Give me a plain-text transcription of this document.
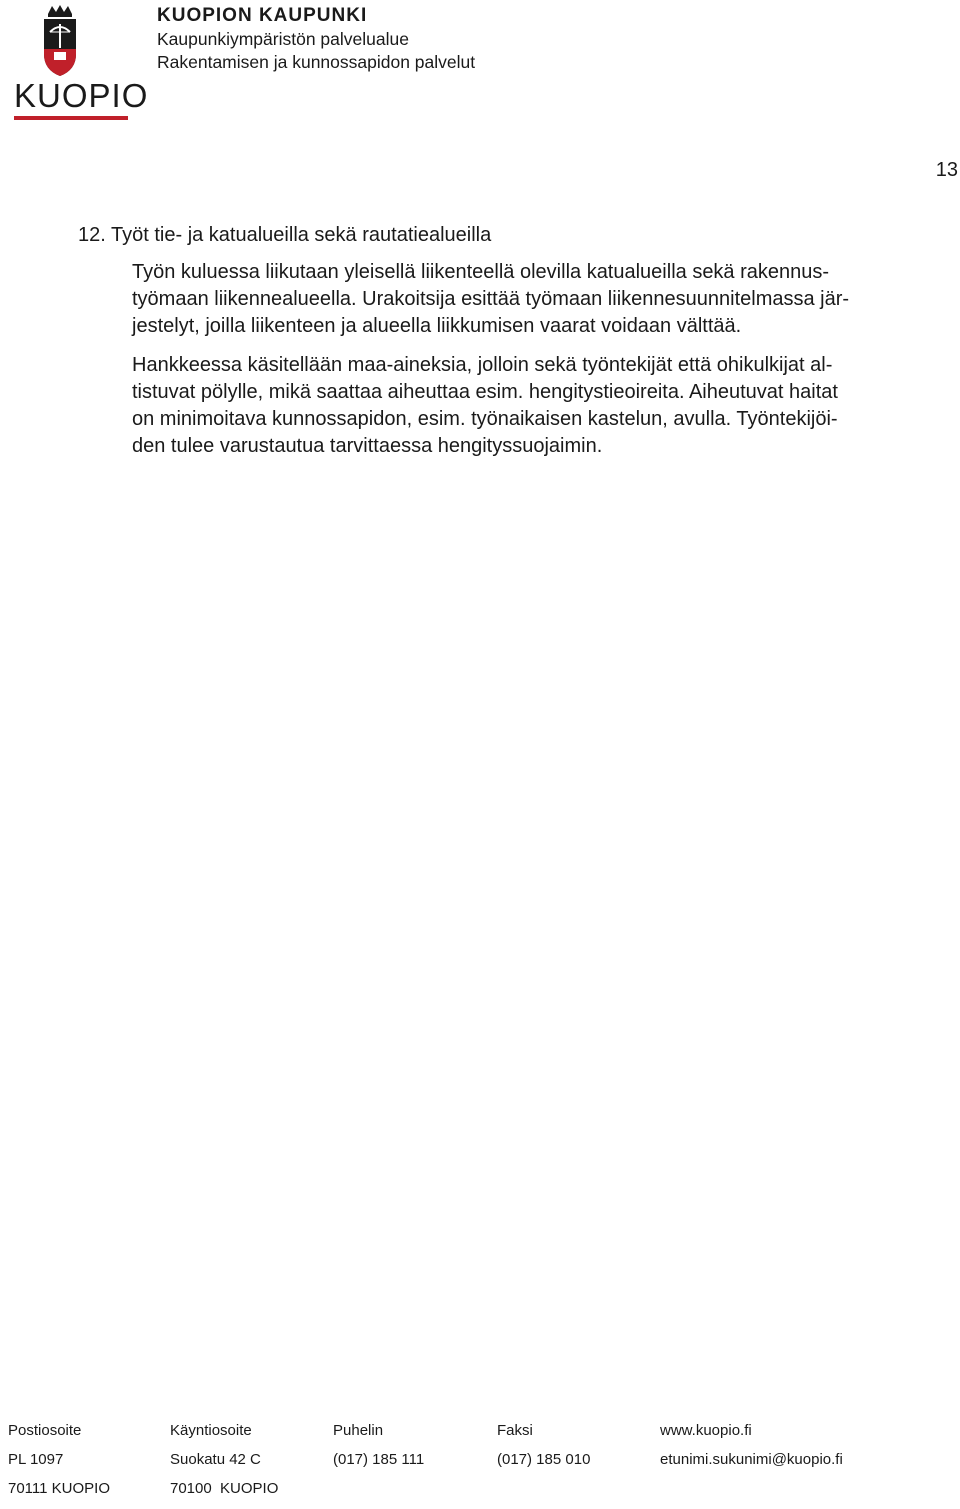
KUOPIO
KUOPION KAUPUNKI
Kaupunkiympäristön palvelualue
Rakentamisen ja kunnossapidon palvelut
13
12. Työt tie- ja katualueilla sekä rautatiealueilla
Työn kuluessa liikutaan yleisellä liikenteellä olevilla katualueilla sekä rakennus-
työmaan liikennealueella. Urakoitsija esittää työmaan liikennesuunnitelmassa jär-
jestelyt, joilla liikenteen ja alueella liikkumisen vaarat voidaan välttää.
Hankkeessa käsitellään maa-aineksia, jolloin sekä työntekijät että ohikulkijat al-
tistuvat pölylle, mikä saattaa aiheuttaa esim. hengitystieoireita. Aiheutuvat haitat
on minimoitava kunnossapidon, esim. työnaikaisen kastelun, avulla. Työntekijöi-
den tulee varustautua tarvittaessa hengityssuojaimin.
Postiosoite	Käyntiosoite	Puhelin	Faksi	www.kuopio.fi
PL 1097	Suokatu 42 C	(017) 185 111	(017) 185 010	etunimi.sukunimi@kuopio.fi
70111 KUOPIO	70100  KUOPIO
